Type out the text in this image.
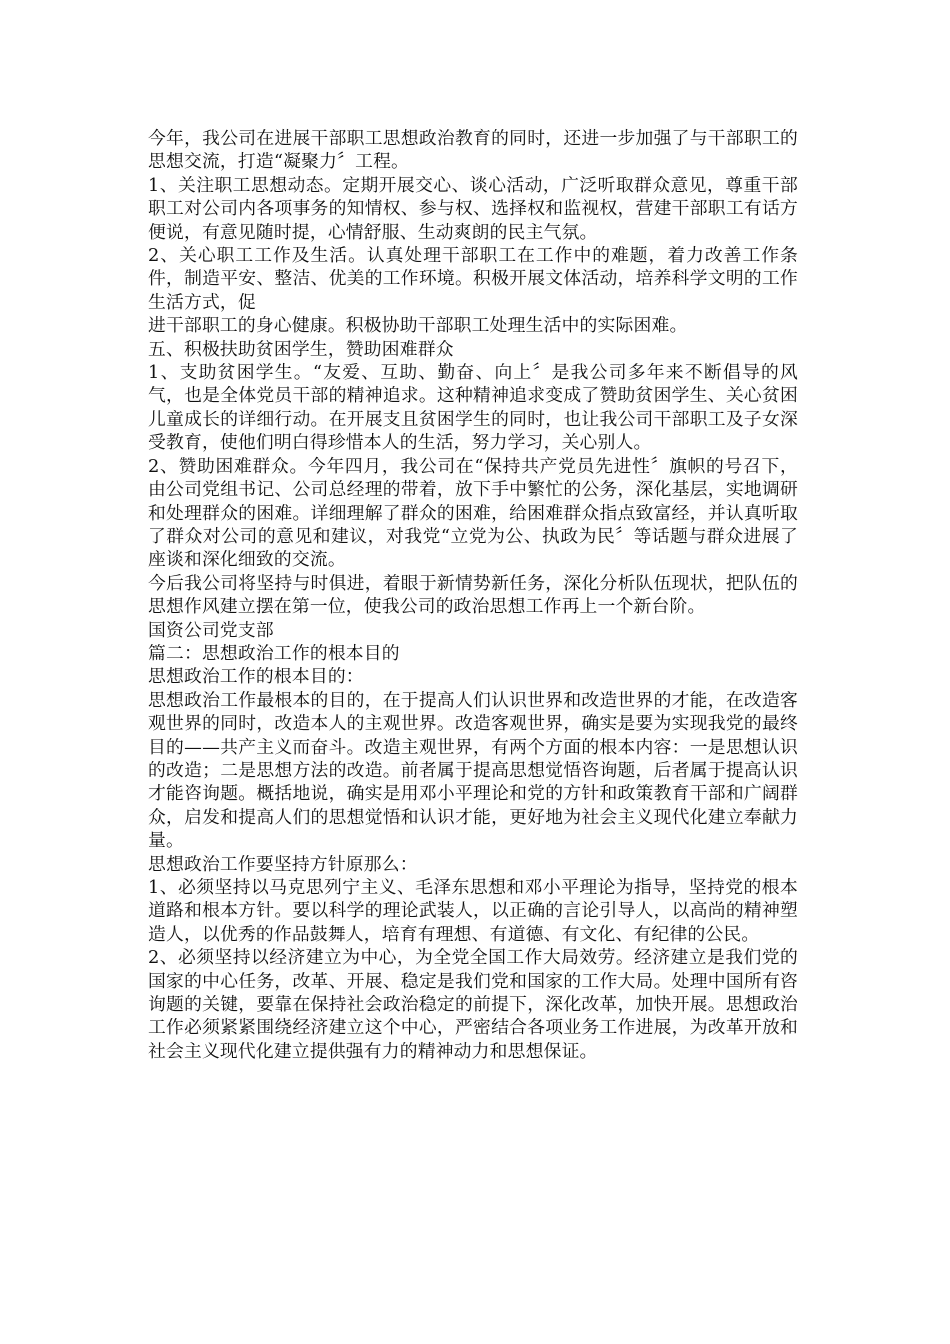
今年，我公司在进展干部职工思想政治教育的同时，还进一步加强了与干部职工的思想交流，打造“凝聚力〞工程。

1、关注职工思想动态。定期开展交心、谈心活动，广泛听取群众意见，尊重干部职工对公司内各项事务的知情权、参与权、选择权和监视权，营建干部职工有话方便说，有意见随时提，心情舒服、生动爽朗的民主气氛。

2、关心职工工作及生活。认真处理干部职工在工作中的难题，着力改善工作条件，制造平安、整洁、优美的工作环境。积极开展文体活动，培养科学文明的工作生活方式，促

进干部职工的身心健康。积极协助干部职工处理生活中的实际困难。

五、积极扶助贫困学生，赞助困难群众

1、支助贫困学生。“友爱、互助、勤奋、向上〞是我公司多年来不断倡导的风气，也是全体党员干部的精神追求。这种精神追求变成了赞助贫困学生、关心贫困儿童成长的详细行动。在开展支且贫困学生的同时，也让我公司干部职工及子女深受教育，使他们明白得珍惜本人的生活，努力学习，关心别人。

2、赞助困难群众。今年四月，我公司在“保持共产党员先进性〞旗帜的号召下，由公司党组书记、公司总经理的带着，放下手中繁忙的公务，深化基层，实地调研和处理群众的困难。详细理解了群众的困难，给困难群众指点致富经，并认真听取了群众对公司的意见和建议，对我党“立党为公、执政为民〞等话题与群众进展了座谈和深化细致的交流。

今后我公司将坚持与时俱进，着眼于新情势新任务，深化分析队伍现状，把队伍的思想作风建立摆在第一位，使我公司的政治思想工作再上一个新台阶。

国资公司党支部

篇二：思想政治工作的根本目的

思想政治工作的根本目的：

思想政治工作最根本的目的，在于提高人们认识世界和改造世界的才能，在改造客观世界的同时，改造本人的主观世界。改造客观世界，确实是要为实现我党的最终目的——共产主义而奋斗。改造主观世界，有两个方面的根本内容：一是思想认识的改造；二是思想方法的改造。前者属于提高思想觉悟咨询题，后者属于提高认识才能咨询题。概括地说，确实是用邓小平理论和党的方针和政策教育干部和广阔群众，启发和提高人们的思想觉悟和认识才能，更好地为社会主义现代化建立奉献力量。

思想政治工作要坚持方针原那么：

1、必须坚持以马克思列宁主义、毛泽东思想和邓小平理论为指导，坚持党的根本道路和根本方针。要以科学的理论武装人，以正确的言论引导人，以高尚的精神塑造人，以优秀的作品鼓舞人，培育有理想、有道德、有文化、有纪律的公民。

2、必须坚持以经济建立为中心，为全党全国工作大局效劳。经济建立是我们党的国家的中心任务，改革、开展、稳定是我们党和国家的工作大局。处理中国所有咨询题的关键，要靠在保持社会政治稳定的前提下，深化改革，加快开展。思想政治工作必须紧紧围绕经济建立这个中心，严密结合各项业务工作进展，为改革开放和社会主义现代化建立提供强有力的精神动力和思想保证。
